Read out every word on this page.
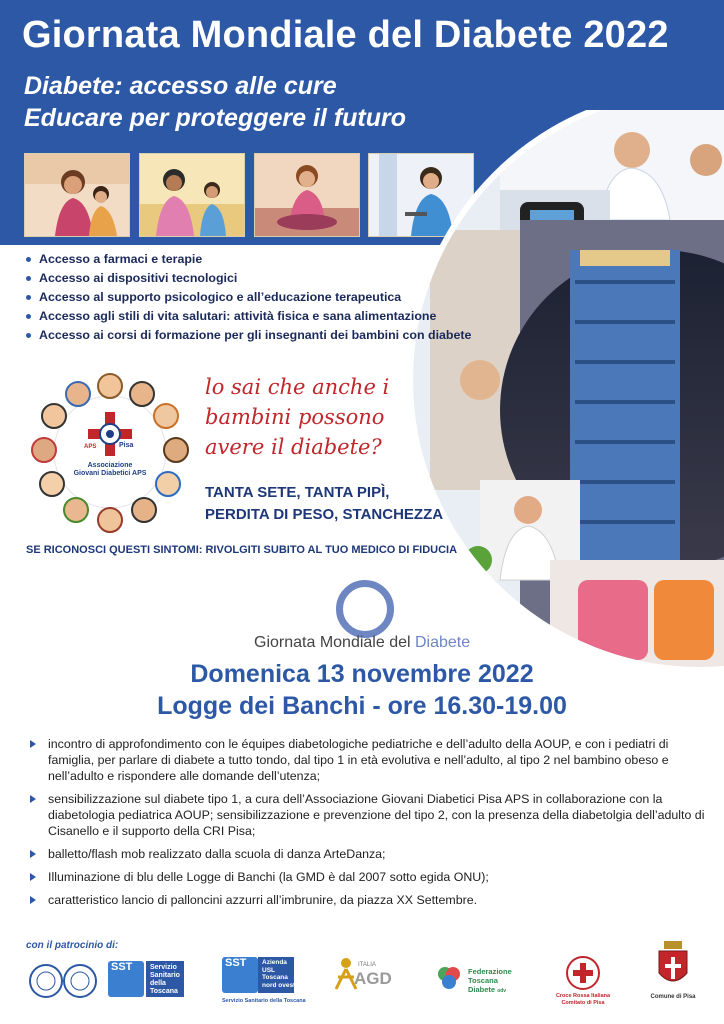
Giornata Mondiale del Diabete 2022
Diabete: accesso alle cure
Educare per proteggere il futuro
Accesso a farmaci e terapie
Accesso ai dispositivi tecnologici
Accesso al supporto psicologico e all’educazione terapeutica
Accesso agli stili di vita salutari: attività fisica e sana alimentazione
Accesso ai corsi di formazione per gli insegnanti dei bambini con diabete
Associazione
Giovani Diabetici APS
APS	Pisa
lo sai che anche i
bambini possono
avere il diabete?
TANTA SETE, TANTA PIPÌ,
PERDITA DI PESO, STANCHEZZA
SE RICONOSCI QUESTI SINTOMI: RIVOLGITI SUBITO AL TUO MEDICO DI FIDUCIA
Giornata Mondiale del Diabete
Domenica 13 novembre 2022
Logge dei Banchi - ore 16.30-19.00
incontro di approfondimento con le équipes diabetologiche pediatriche e dell’adulto della AOUP, e con i pediatri di famiglia, per parlare di diabete a tutto tondo, dal tipo 1 in età evolutiva e nell’adulto, al tipo 2 nel bambino obeso e nell’adulto e rispondere alle domande dell’utenza;
sensibilizzazione sul diabete tipo 1, a cura dell’Associazione Giovani Diabetici Pisa APS in collaborazione con la diabetologia pediatrica AOUP; sensibilizzazione e prevenzione del tipo 2, con la presenza della diabetolgia dell’adulto di Cisanello e il supporto della CRI Pisa;
balletto/flash mob realizzato dalla scuola di danza ArteDanza;
Illuminazione di blu delle Logge di Banchi (la GMD è dal 2007 sotto egida ONU);
caratteristico lancio di palloncini azzurri all’imbrunire, da piazza XX Settembre.
con il patrocinio di:
SST	Servizio
Sanitario
della
Toscana
SST Azienda
USL
Toscana
nord ovest
Servizio Sanitario della Toscana
ITALIA
AGD	Federazione
Toscana
Diabete odv
Croce Rossa Italiana
Comitato di Pisa
Comune di Pisa
